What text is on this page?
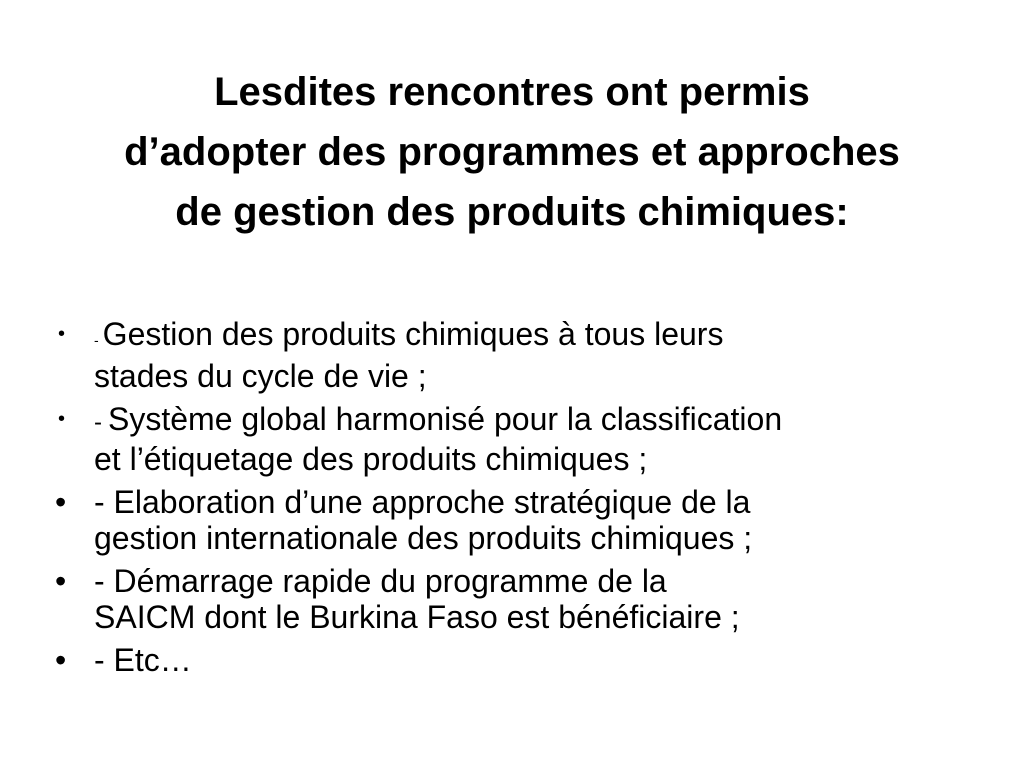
Lesdites rencontres ont permis
d’adopter des programmes et approches
de gestion des produits chimiques:
• - Gestion des produits chimiques à tous leurs
stades du cycle de vie ;
• - Système global harmonisé pour la classification
et l’étiquetage des produits chimiques ;
• - Elaboration d’une approche stratégique de la
gestion internationale des produits chimiques ;
• - Démarrage rapide du programme de la
SAICM dont le Burkina Faso est bénéficiaire ;
• - Etc…
